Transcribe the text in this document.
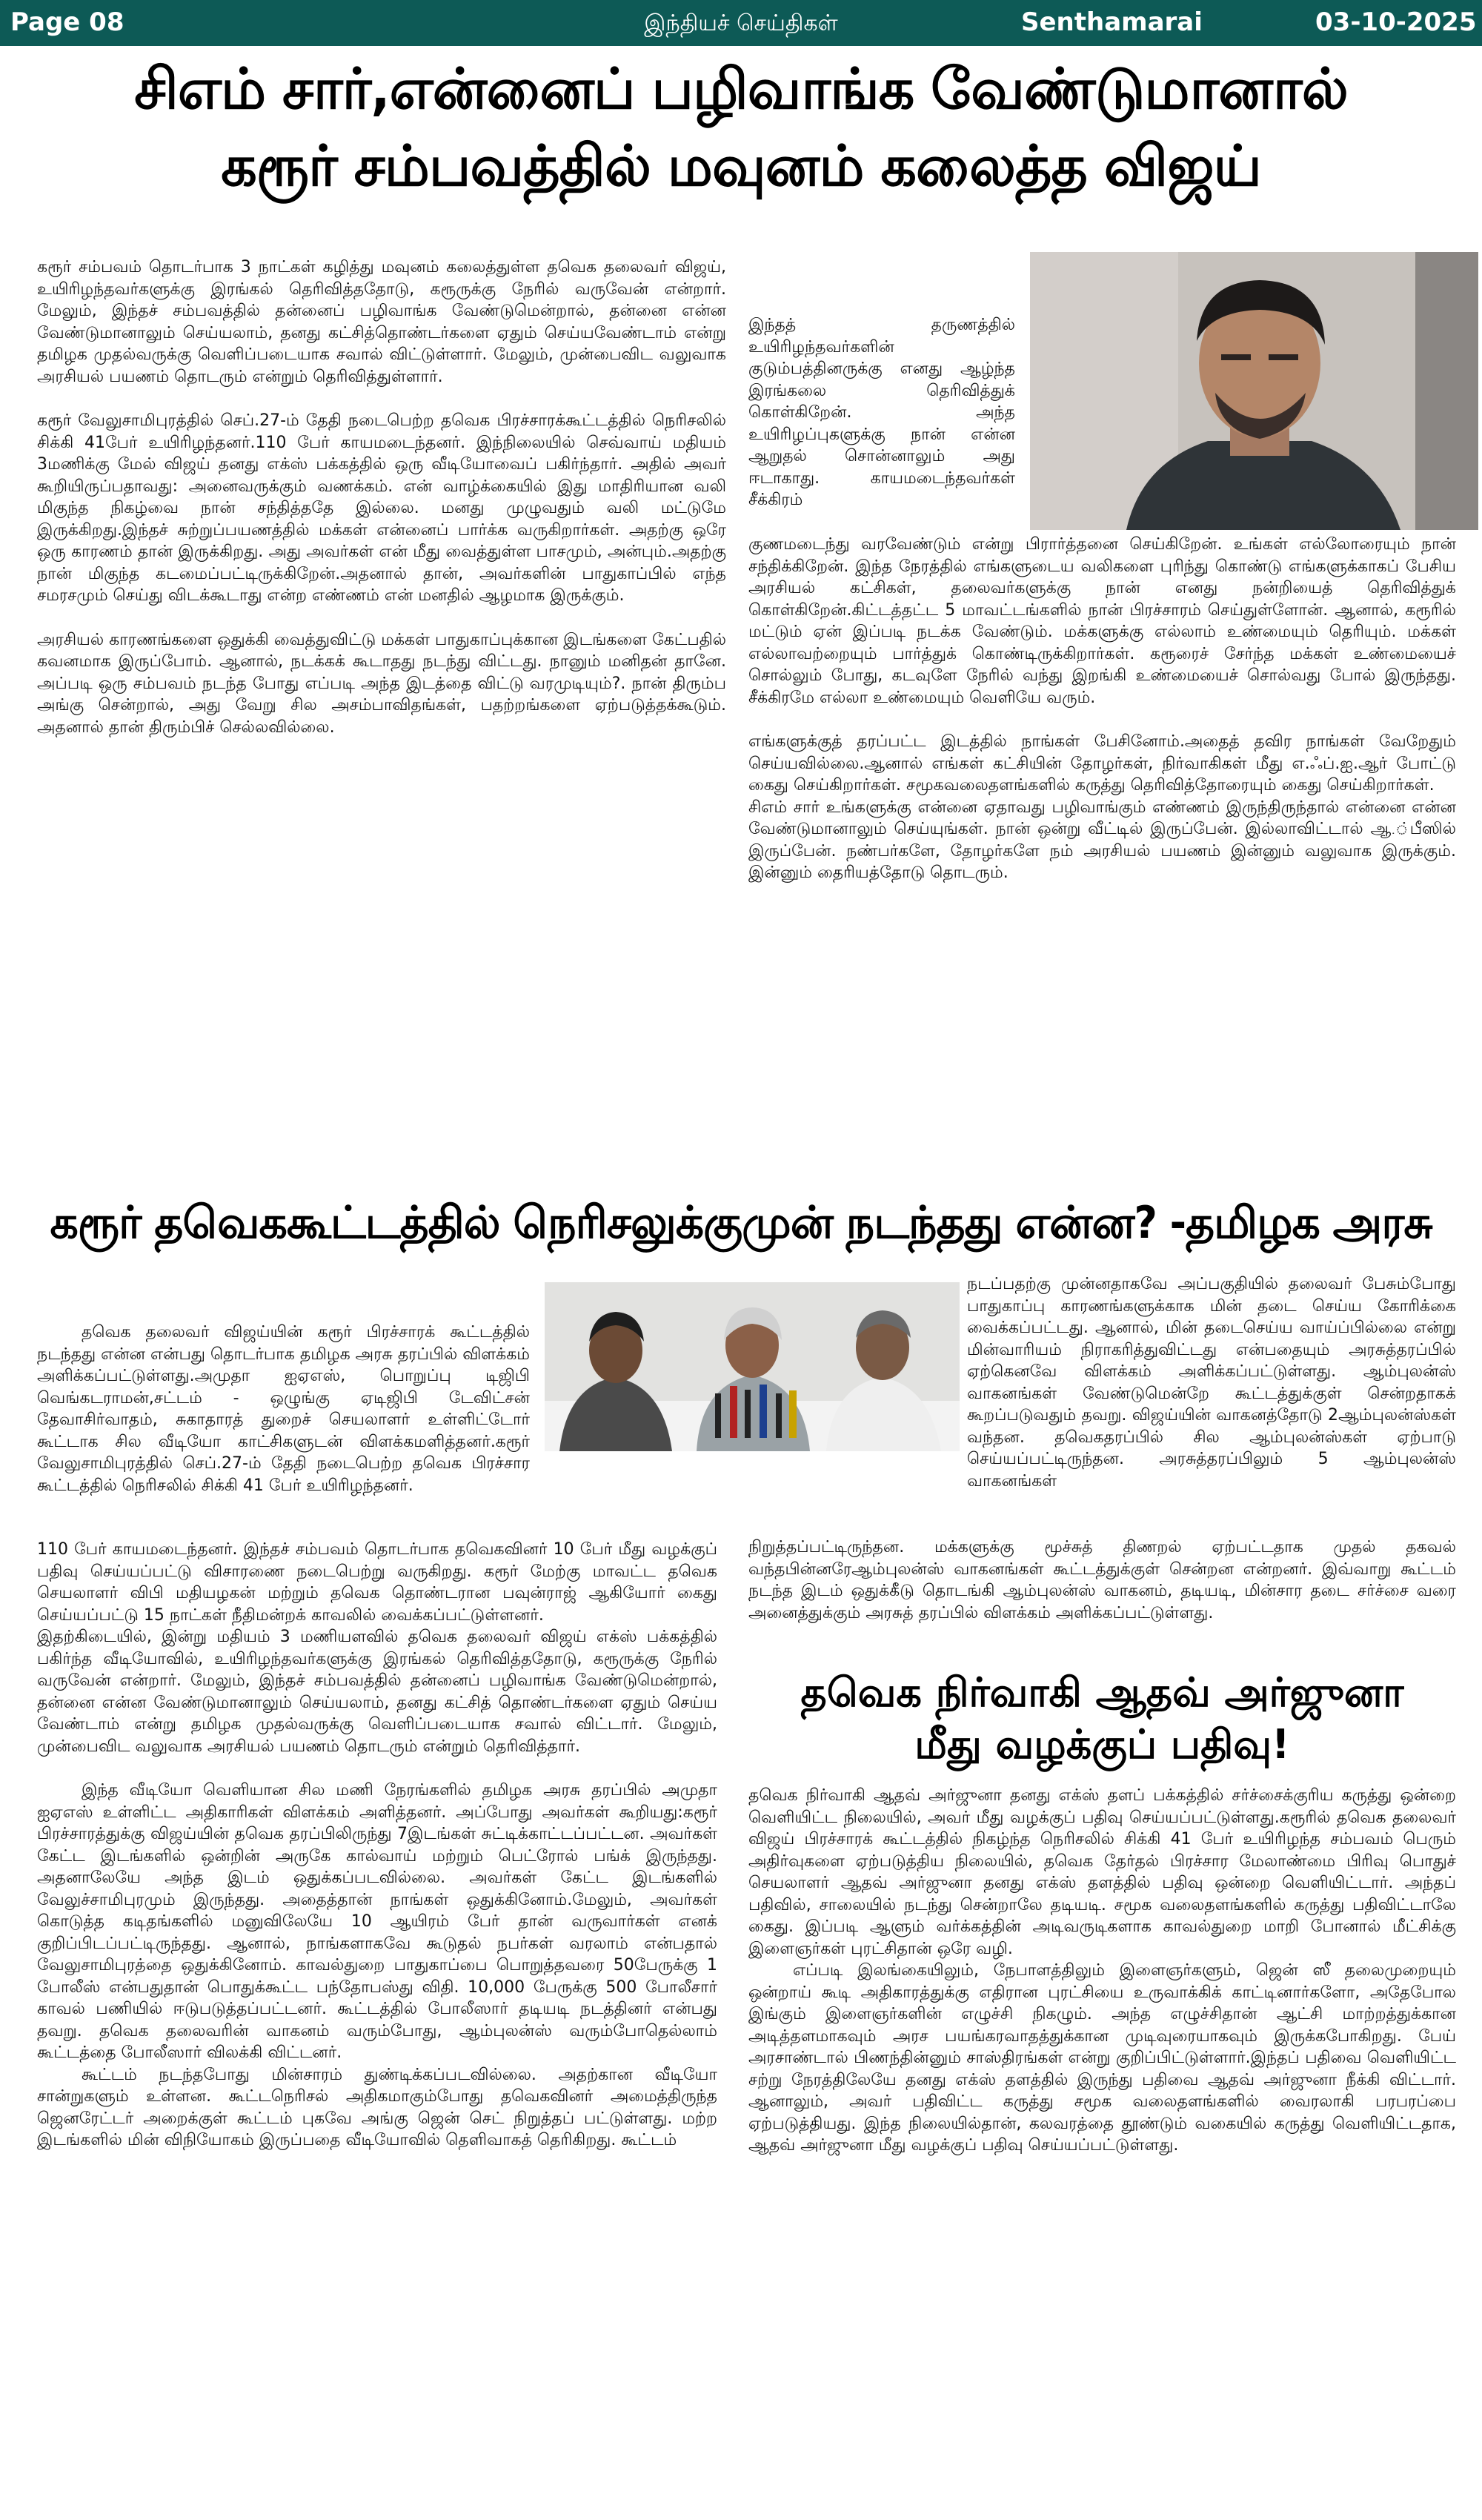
Page 08	இந்தியச் செய்திகள்	Senthamarai	03-10-2025
சிஎம் சார்,என்னைப் பழிவாங்க வேண்டுமானால்
கரூர் சம்பவத்தில் மவுனம் கலைத்த விஜய்

கரூர் சம்பவம் தொடர்பாக 3 நாட்கள் கழித்து மவுனம் கலைத்துள்ள தவெக தலைவர் விஜய், உயிரிழந்தவர்களுக்கு இரங்கல் தெரிவித்ததோடு, கரூருக்கு நேரில் வருவேன் என்றார். மேலும், இந்தச் சம்பவத்தில் தன்னைப் பழிவாங்க வேண்டுமென்றால், தன்னை என்ன வேண்டுமானாலும் செய்யலாம், தனது கட்சித்தொண்டர்களை ஏதும் செய்யவேண்டாம் என்று தமிழக முதல்வருக்கு வெளிப்படையாக சவால் விட்டுள்ளார். மேலும், முன்பைவிட வலுவாக அரசியல் பயணம் தொடரும் என்றும் தெரிவித்துள்ளார்.

கரூர் வேலுசாமிபுரத்தில் செப்.27-ம் தேதி நடைபெற்ற தவெக பிரச்சாரக்கூட்டத்தில் நெரிசலில் சிக்கி 41பேர் உயிரிழந்தனர்.110 பேர் காயமடைந்தனர். இந்நிலையில் செவ்வாய் மதியம் 3மணிக்கு மேல் விஜய் தனது எக்ஸ் பக்கத்தில் ஒரு வீடியோவைப் பகிர்ந்தார். அதில் அவர் கூறியிருப்பதாவது: அனைவருக்கும் வணக்கம். என் வாழ்க்கையில் இது மாதிரியான வலி மிகுந்த நிகழ்வை நான் சந்தித்ததே இல்லை. மனது முழுவதும் வலி மட்டுமே இருக்கிறது.இந்தச் சுற்றுப்பயணத்தில் மக்கள் என்னைப் பார்க்க வருகிறார்கள். அதற்கு ஒரே ஒரு காரணம் தான் இருக்கிறது. அது அவர்கள் என் மீது வைத்துள்ள பாசமும், அன்பும்.அதற்கு நான் மிகுந்த கடமைப்பட்டிருக்கிறேன்.அதனால் தான், அவர்களின் பாதுகாப்பில் எந்த சமரசமும் செய்து விடக்கூடாது என்ற எண்ணம் என் மனதில் ஆழமாக இருக்கும்.

அரசியல் காரணங்களை ஒதுக்கி வைத்துவிட்டு மக்கள் பாதுகாப்புக்கான இடங்களை கேட்பதில் கவனமாக இருப்போம். ஆனால், நடக்கக் கூடாதது நடந்து விட்டது. நானும் மனிதன் தானே. அப்படி ஒரு சம்பவம் நடந்த போது எப்படி அந்த இடத்தை விட்டு வரமுடியும்?. நான் திரும்ப அங்கு சென்றால், அது வேறு சில அசம்பாவிதங்கள், பதற்றங்களை ஏற்படுத்தக்கூடும். அதனால் தான் திரும்பிச் செல்லவில்லை.

இந்தத் தருணத்தில் உயிரிழந்தவர்களின் குடும்பத்தினருக்கு எனது ஆழ்ந்த இரங்கலை தெரிவித்துக் கொள்கிறேன். அந்த உயிரிழப்புகளுக்கு நான் என்ன ஆறுதல் சொன்னாலும் அது ஈடாகாது. காயமடைந்தவர்கள் சீக்கிரம்

குணமடைந்து வரவேண்டும் என்று பிரார்த்தனை செய்கிறேன். உங்கள் எல்லோரையும் நான் சந்திக்கிறேன். இந்த நேரத்தில் எங்களுடைய வலிகளை புரிந்து கொண்டு எங்களுக்காகப் பேசிய அரசியல் கட்சிகள், தலைவர்களுக்கு நான் எனது நன்றியைத் தெரிவித்துக் கொள்கிறேன்.கிட்டத்தட்ட 5 மாவட்டங்களில் நான் பிரச்சாரம் செய்துள்ளோன். ஆனால், கரூரில் மட்டும் ஏன் இப்படி நடக்க வேண்டும். மக்களுக்கு எல்லாம் உண்மையும் தெரியும். மக்கள் எல்லாவற்றையும் பார்த்துக் கொண்டிருக்கிறார்கள். கரூரைச் சேர்ந்த மக்கள் உண்மையைச் சொல்லும் போது, கடவுளே நேரில் வந்து இறங்கி உண்மையைச் சொல்வது போல் இருந்தது. சீக்கிரமே எல்லா உண்மையும் வெளியே வரும்.

எங்களுக்குத் தரப்பட்ட இடத்தில் நாங்கள் பேசினோம்.அதைத் தவிர நாங்கள் வேறேதும் செய்யவில்லை.ஆனால் எங்கள் கட்சியின் தோழர்கள், நிர்வாகிகள் மீது எ.ஃப்.ஐ.ஆர் போட்டு கைது செய்கிறார்கள். சமூகவலைதளங்களில் கருத்து தெரிவித்தோரையும் கைது செய்கிறார்கள்.

சிஎம் சார் உங்களுக்கு என்னை ஏதாவது பழிவாங்கும் எண்ணம் இருந்திருந்தால் என்னை என்ன வேண்டுமானாலும் செய்யுங்கள். நான் ஒன்று வீட்டில் இருப்பேன். இல்லாவிட்டால் ஆ.்பீஸில் இருப்பேன். நண்பர்களே, தோழர்களே நம் அரசியல் பயணம் இன்னும் வலுவாக இருக்கும். இன்னும் தைரியத்தோடு தொடரும்.

கரூர் தவெககூட்டத்தில் நெரிசலுக்குமுன் நடந்தது என்ன? -தமிழக அரசு

தவெக தலைவர் விஜய்யின் கரூர் பிரச்சாரக் கூட்டத்தில் நடந்தது என்ன என்பது தொடர்பாக தமிழக அரசு தரப்பில் விளக்கம் அளிக்கப்பட்டுள்ளது.அமுதா ஐஏஎஸ், பொறுப்பு டிஜிபி வெங்கடராமன்,சட்டம் - ஒழுங்கு ஏடிஜிபி டேவிட்சன் தேவாசிர்வாதம், சுகாதாரத் துறைச் செயலாளர் உள்ளிட்டோர் கூட்டாக சில வீடியோ காட்சிகளுடன் விளக்கமளித்தனர்.கரூர் வேலுசாமிபுரத்தில் செப்.27-ம் தேதி நடைபெற்ற தவெக பிரச்சார கூட்டத்தில் நெரிசலில் சிக்கி 41 பேர் உயிரிழந்தனர்.

110 பேர் காயமடைந்தனர். இந்தச் சம்பவம் தொடர்பாக தவெகவினர் 10 பேர் மீது வழக்குப் பதிவு செய்யப்பட்டு விசாரணை நடைபெற்று வருகிறது. கரூர் மேற்கு மாவட்ட தவெக செயலாளர் விபி மதியழகன் மற்றும் தவெக தொண்டரான பவுன்ராஜ் ஆகியோர் கைது செய்யப்பட்டு 15 நாட்கள் நீதிமன்றக் காவலில் வைக்கப்பட்டுள்ளனர்.

இதற்கிடையில், இன்று மதியம் 3 மணியளவில் தவெக தலைவர் விஜய் எக்ஸ் பக்கத்தில் பகிர்ந்த வீடியோவில், உயிரிழந்தவர்களுக்கு இரங்கல் தெரிவித்ததோடு, கரூருக்கு நேரில் வருவேன் என்றார். மேலும், இந்தச் சம்பவத்தில் தன்னைப் பழிவாங்க வேண்டுமென்றால், தன்னை என்ன வேண்டுமானாலும் செய்யலாம், தனது கட்சித் தொண்டர்களை ஏதும் செய்ய வேண்டாம் என்று தமிழக முதல்வருக்கு வெளிப்படையாக சவால் விட்டார். மேலும், முன்பைவிட வலுவாக அரசியல் பயணம் தொடரும் என்றும் தெரிவித்தார்.

இந்த வீடியோ வெளியான சில மணி நேரங்களில் தமிழக அரசு தரப்பில் அமுதா ஐஏஎஸ் உள்ளிட்ட அதிகாரிகள் விளக்கம் அளித்தனர். அப்போது அவர்கள் கூறியது:கரூர் பிரச்சாரத்துக்கு விஜய்யின் தவெக தரப்பிலிருந்து 7இடங்கள் சுட்டிக்காட்டப்பட்டன. அவர்கள் கேட்ட இடங்களில் ஒன்றின் அருகே கால்வாய் மற்றும் பெட்ரோல் பங்க் இருந்தது. அதனாலேயே அந்த இடம் ஒதுக்கப்படவில்லை. அவர்கள் கேட்ட இடங்களில் வேலுச்சாமிபுரமும் இருந்தது. அதைத்தான் நாங்கள் ஒதுக்கினோம்.மேலும், அவர்கள் கொடுத்த கடிதங்களில் மனுவிலேயே 10 ஆயிரம் பேர் தான் வருவார்கள் எனக் குறிப்பிடப்பட்டிருந்தது. ஆனால், நாங்களாகவே கூடுதல் நபர்கள் வரலாம் என்பதால் வேலுசாமிபுரத்தை ஒதுக்கினோம். காவல்துறை பாதுகாப்பை பொறுத்தவரை 50பேருக்கு 1 போலீஸ் என்பதுதான் பொதுக்கூட்ட பந்தோபஸ்து விதி. 10,000 பேருக்கு 500 போலீசார் காவல் பணியில் ஈடுபடுத்தப்பட்டனர். கூட்டத்தில் போலீஸார் தடியடி நடத்தினர் என்பது தவறு. தவெக தலைவரின் வாகனம் வரும்போது, ஆம்புலன்ஸ் வரும்போதெல்லாம் கூட்டத்தை போலீஸார் விலக்கி விட்டனர்.

கூட்டம் நடந்தபோது மின்சாரம் துண்டிக்கப்படவில்லை. அதற்கான வீடியோ சான்றுகளும் உள்ளன. கூட்டநெரிசல் அதிகமாகும்போது தவெகவினர் அமைத்திருந்த ஜெனரேட்டர் அறைக்குள் கூட்டம் புகவே அங்கு ஜென் செட் நிறுத்தப் பட்டுள்ளது. மற்ற இடங்களில் மின் விநியோகம் இருப்பதை வீடியோவில் தெளிவாகத் தெரிகிறது. கூட்டம்

நடப்பதற்கு முன்னதாகவே அப்பகுதியில் தலைவர் பேசும்போது பாதுகாப்பு காரணங்களுக்காக மின் தடை செய்ய கோரிக்கை வைக்கப்பட்டது. ஆனால், மின் தடைசெய்ய வாய்ப்பில்லை என்று மின்வாரியம் நிராகரித்துவிட்டது என்பதையும் அரசுத்தரப்பில் ஏற்கெனவே விளக்கம் அளிக்கப்பட்டுள்ளது. ஆம்புலன்ஸ் வாகனங்கள் வேண்டுமென்றே கூட்டத்துக்குள் சென்றதாகக் கூறப்படுவதும் தவறு. விஜய்யின் வாகனத்தோடு 2ஆம்புலன்ஸ்கள் வந்தன. தவெகதரப்பில் சில ஆம்புலன்ஸ்கள் ஏற்பாடு செய்யப்பட்டிருந்தன. அரசுத்தரப்பிலும் 5 ஆம்புலன்ஸ் வாகனங்கள்

நிறுத்தப்பட்டிருந்தன. மக்களுக்கு மூச்சுத் திணறல் ஏற்பட்டதாக முதல் தகவல் வந்தபின்னரேஆம்புலன்ஸ் வாகனங்கள் கூட்டத்துக்குள் சென்றன என்றனர். இவ்வாறு கூட்டம் நடந்த இடம் ஒதுக்கீடு தொடங்கி ஆம்புலன்ஸ் வாகனம், தடியடி, மின்சார தடை சர்ச்சை வரை அனைத்துக்கும் அரசுத் தரப்பில் விளக்கம் அளிக்கப்பட்டுள்ளது.

தவெக நிர்வாகி ஆதவ் அர்ஜுனா
மீது வழக்குப் பதிவு!

தவெக நிர்வாகி ஆதவ் அர்ஜுனா தனது எக்ஸ் தளப் பக்கத்தில் சர்ச்சைக்குரிய கருத்து ஒன்றை வெளியிட்ட நிலையில், அவர் மீது வழக்குப் பதிவு செய்யப்பட்டுள்ளது.கரூரில் தவெக தலைவர் விஜய் பிரச்சாரக் கூட்டத்தில் நிகழ்ந்த நெரிசலில் சிக்கி 41 பேர் உயிரிழந்த சம்பவம் பெரும் அதிர்வுகளை ஏற்படுத்திய நிலையில், தவெக தேர்தல் பிரச்சார மேலாண்மை பிரிவு பொதுச் செயலாளர் ஆதவ் அர்ஜுனா தனது எக்ஸ் தளத்தில் பதிவு ஒன்றை வெளியிட்டார். அந்தப் பதிவில், சாலையில் நடந்து சென்றாலே தடியடி. சமூக வலைதளங்களில் கருத்து பதிவிட்டாலே கைது. இப்படி ஆளும் வர்க்கத்தின் அடிவருடிகளாக காவல்துறை மாறி போனால் மீட்சிக்கு இளைஞர்கள் புரட்சிதான் ஒரே வழி.

எப்படி இலங்கையிலும், நேபாளத்திலும் இளைஞர்களும், ஜென் ஸீ தலைமுறையும் ஒன்றாய் கூடி அதிகாரத்துக்கு எதிரான புரட்சியை உருவாக்கிக் காட்டினார்களோ, அதேபோல இங்கும் இளைஞர்களின் எழுச்சி நிகழும். அந்த எழுச்சிதான் ஆட்சி மாற்றத்துக்கான அடித்தளமாகவும் அரச பயங்கரவாதத்துக்கான முடிவுரையாகவும் இருக்கபோகிறது. பேய் அரசாண்டால் பிணந்தின்னும் சாஸ்திரங்கள் என்று குறிப்பிட்டுள்ளார்.இந்தப் பதிவை வெளியிட்ட சற்று நேரத்திலேயே தனது எக்ஸ் தளத்தில் இருந்து பதிவை ஆதவ் அர்ஜுனா நீக்கி விட்டார். ஆனாலும், அவர் பதிவிட்ட கருத்து சமூக வலைதளங்களில் வைரலாகி பரபரப்பை ஏற்படுத்தியது. இந்த நிலையில்தான், கலவரத்தை தூண்டும் வகையில் கருத்து வெளியிட்டதாக, ஆதவ் அர்ஜுனா மீது வழக்குப் பதிவு செய்யப்பட்டுள்ளது.
